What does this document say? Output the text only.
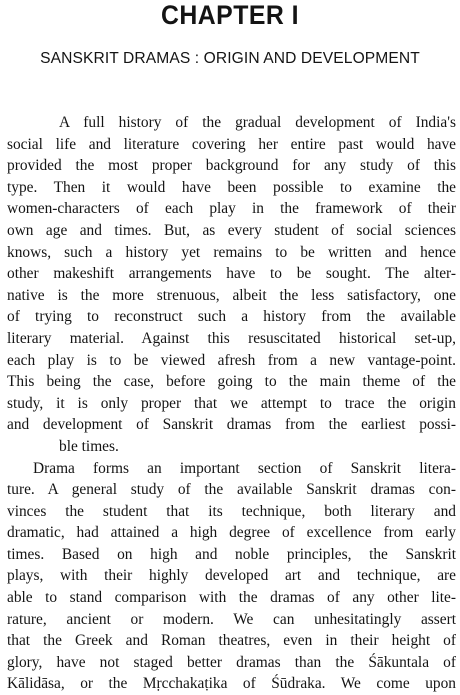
CHAPTER I
SANSKRIT DRAMAS : ORIGIN AND DEVELOPMENT
A full history of the gradual development of India's
social life and literature covering her entire past would have
provided the most proper background for any study of this
type. Then it would have been possible to examine the
women-characters of each play in the framework of their
own age and times. But, as every student of social sciences
knows, such a history yet remains to be written and hence
other makeshift arrangements have to be sought. The alter-
native is the more strenuous, albeit the less satisfactory, one
of trying to reconstruct such a history from the available
literary material. Against this resuscitated historical set-up,
each play is to be viewed afresh from a new vantage-point.
This being the case, before going to the main theme of the
study, it is only proper that we attempt to trace the origin
and development of Sanskrit dramas from the earliest possi-
ble times.
Drama forms an important section of Sanskrit litera-
ture. A general study of the available Sanskrit dramas con-
vinces the student that its technique, both literary and
dramatic, had attained a high degree of excellence from early
times. Based on high and noble principles, the Sanskrit
plays, with their highly developed art and technique, are
able to stand comparison with the dramas of any other lite-
rature, ancient or modern. We can unhesitatingly assert
that the Greek and Roman theatres, even in their height of
glory, have not staged better dramas than the Śākuntala of
Kālidāsa, or the Mṛcchakaṭika of Śūdraka. We come upon
